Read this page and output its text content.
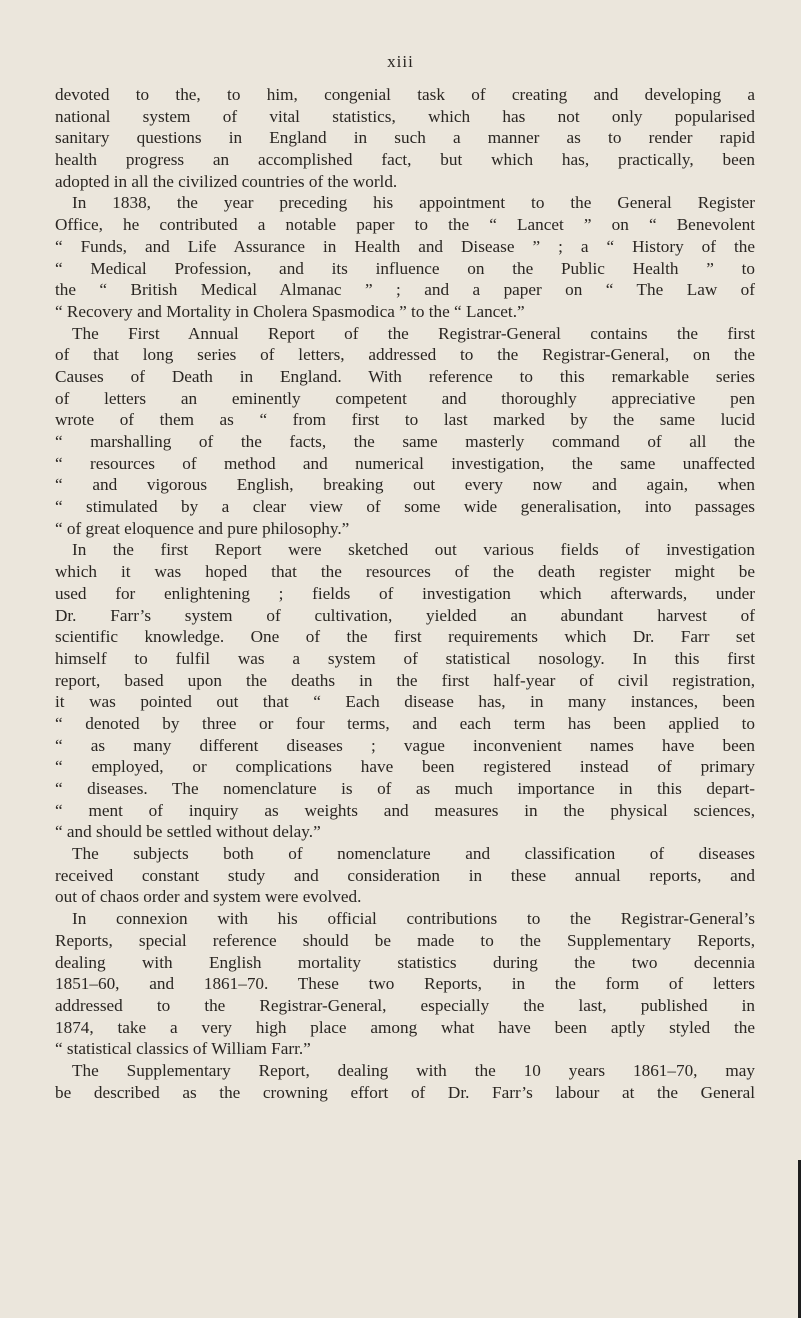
xiii
devoted to the, to him, congenial task of creating and developing a
national system of vital statistics, which has not only popularised
sanitary questions in England in such a manner as to render rapid
health progress an accomplished fact, but which has, practically, been
adopted in all the civilized countries of the world.
In 1838, the year preceding his appointment to the General Register
Office, he contributed a notable paper to the “ Lancet ” on “ Benevolent
“ Funds, and Life Assurance in Health and Disease ” ; a “ History of the
“ Medical Profession, and its influence on the Public Health ” to
the “ British Medical Almanac ” ; and a paper on “ The Law of
“ Recovery and Mortality in Cholera Spasmodica ” to the “ Lancet.”
The First Annual Report of the Registrar-General contains the first
of that long series of letters, addressed to the Registrar-General, on the
Causes of Death in England. With reference to this remarkable series
of letters an eminently competent and thoroughly appreciative pen
wrote of them as “ from first to last marked by the same lucid
“ marshalling of the facts, the same masterly command of all the
“ resources of method and numerical investigation, the same unaffected
“ and vigorous English, breaking out every now and again, when
“ stimulated by a clear view of some wide generalisation, into passages
“ of great eloquence and pure philosophy.”
In the first Report were sketched out various fields of investigation
which it was hoped that the resources of the death register might be
used for enlightening ; fields of investigation which afterwards, under
Dr. Farr’s system of cultivation, yielded an abundant harvest of
scientific knowledge. One of the first requirements which Dr. Farr set
himself to fulfil was a system of statistical nosology. In this first
report, based upon the deaths in the first half-year of civil registration,
it was pointed out that “ Each disease has, in many instances, been
“ denoted by three or four terms, and each term has been applied to
“ as many different diseases ; vague inconvenient names have been
“ employed, or complications have been registered instead of primary
“ diseases. The nomenclature is of as much importance in this depart-
“ ment of inquiry as weights and measures in the physical sciences,
“ and should be settled without delay.”
The subjects both of nomenclature and classification of diseases
received constant study and consideration in these annual reports, and
out of chaos order and system were evolved.
In connexion with his official contributions to the Registrar-General’s
Reports, special reference should be made to the Supplementary Reports,
dealing with English mortality statistics during the two decennia
1851–60, and 1861–70. These two Reports, in the form of letters
addressed to the Registrar-General, especially the last, published in
1874, take a very high place among what have been aptly styled the
“ statistical classics of William Farr.”
The Supplementary Report, dealing with the 10 years 1861–70, may
be described as the crowning effort of Dr. Farr’s labour at the General
